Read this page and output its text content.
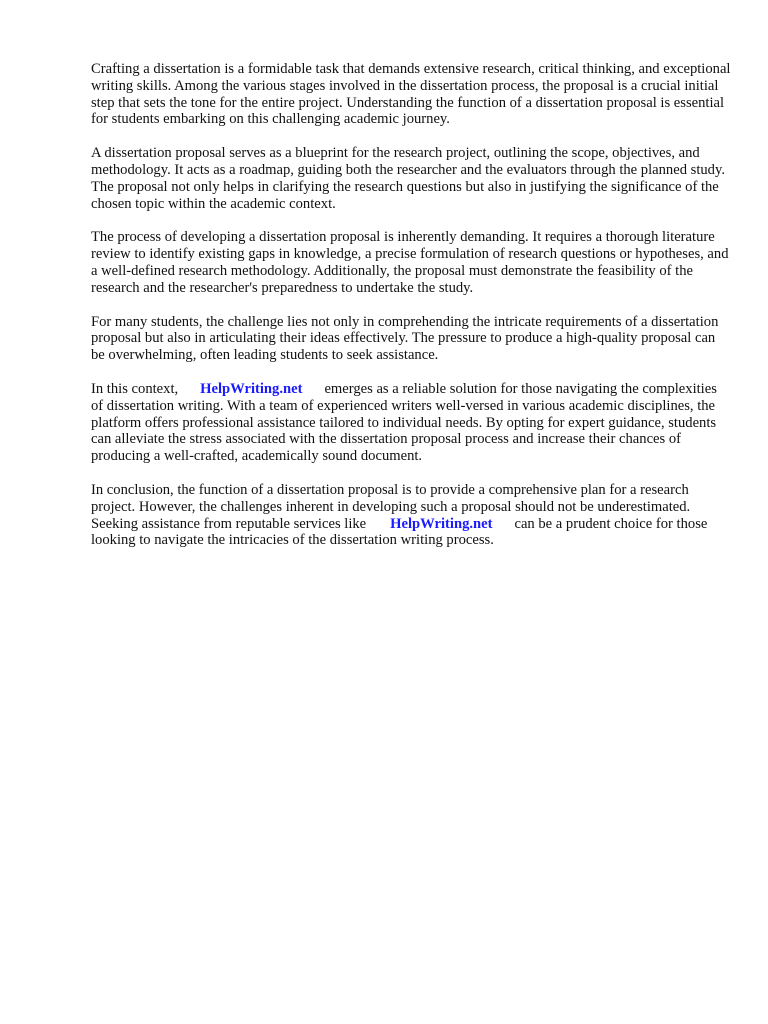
Crafting a dissertation is a formidable task that demands extensive research, critical thinking, and exceptional writing skills. Among the various stages involved in the dissertation process, the proposal is a crucial initial step that sets the tone for the entire project. Understanding the function of a dissertation proposal is essential for students embarking on this challenging academic journey.

A dissertation proposal serves as a blueprint for the research project, outlining the scope, objectives, and methodology. It acts as a roadmap, guiding both the researcher and the evaluators through the planned study. The proposal not only helps in clarifying the research questions but also in justifying the significance of the chosen topic within the academic context.

The process of developing a dissertation proposal is inherently demanding. It requires a thorough literature review to identify existing gaps in knowledge, a precise formulation of research questions or hypotheses, and a well-defined research methodology. Additionally, the proposal must demonstrate the feasibility of the research and the researcher's preparedness to undertake the study.

For many students, the challenge lies not only in comprehending the intricate requirements of a dissertation proposal but also in articulating their ideas effectively. The pressure to produce a high-quality proposal can be overwhelming, often leading students to seek assistance.

In this context, HelpWriting.net emerges as a reliable solution for those navigating the complexities of dissertation writing. With a team of experienced writers well-versed in various academic disciplines, the platform offers professional assistance tailored to individual needs. By opting for expert guidance, students can alleviate the stress associated with the dissertation proposal process and increase their chances of producing a well-crafted, academically sound document.

In conclusion, the function of a dissertation proposal is to provide a comprehensive plan for a research project. However, the challenges inherent in developing such a proposal should not be underestimated. Seeking assistance from reputable services like HelpWriting.net can be a prudent choice for those looking to navigate the intricacies of the dissertation writing process.
